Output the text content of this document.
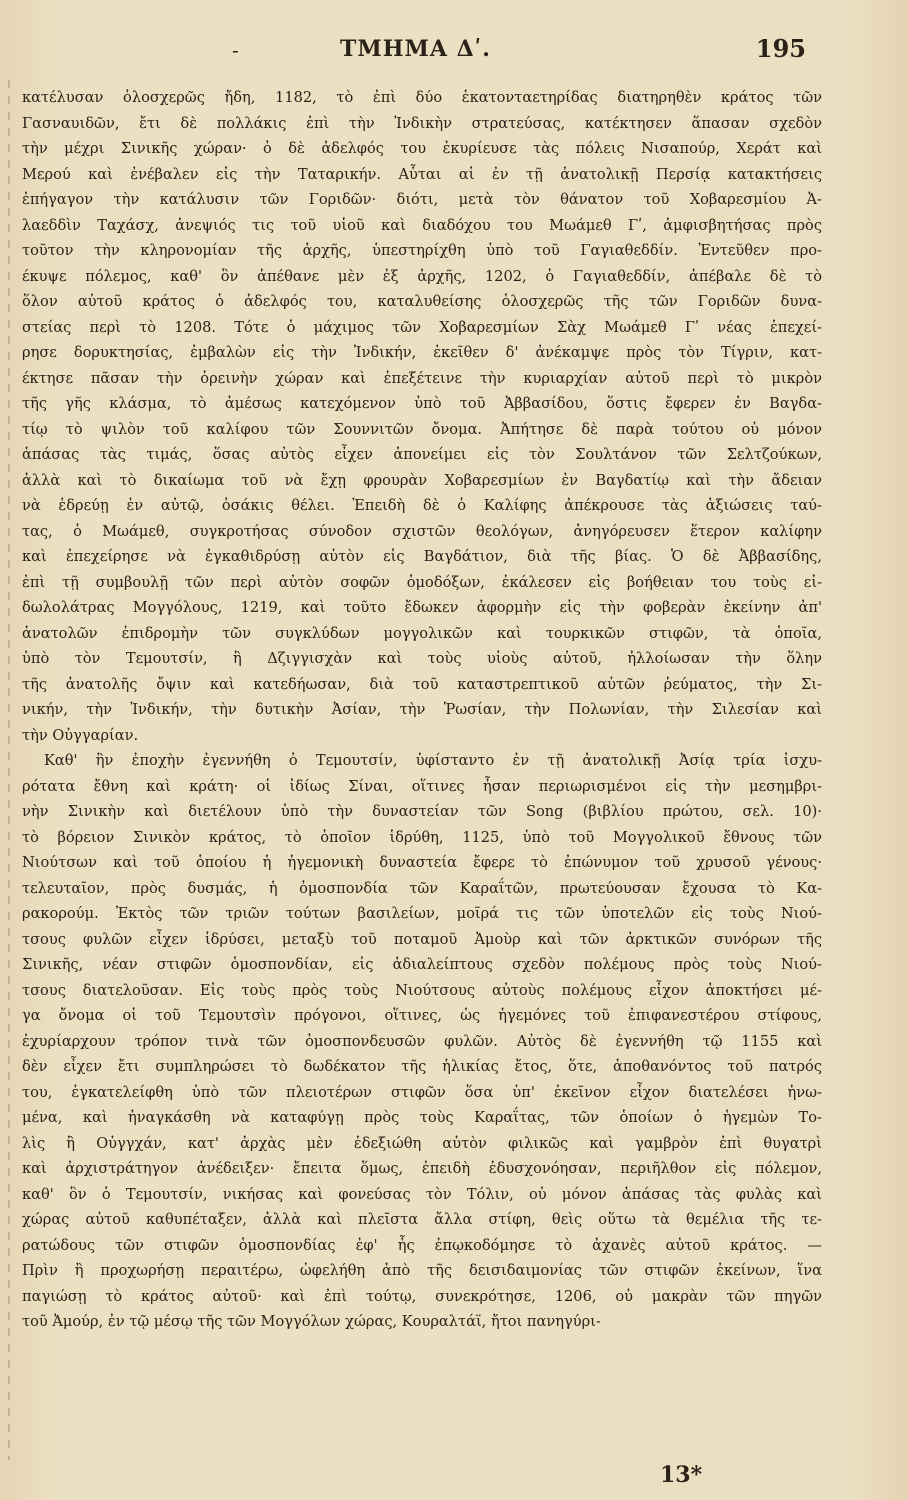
-	ΤΜΗΜΑ Δʹ.	195
κατέλυσαν ὁλοσχερῶς ἤδη, 1182, τὸ ἐπὶ δύο ἑκατονταετηρίδας διατηρηθὲν κράτος τῶν
Γασναυιδῶν, ἔτι δὲ πολλάκις ἐπὶ τὴν Ἰνδικὴν στρατεύσας, κατέκτησεν ἅπασαν σχεδὸν
τὴν μέχρι Σινικῆς χώραν· ὁ δὲ ἀδελφός του ἐκυρίευσε τὰς πόλεις Νισαπούρ, Χεράτ καὶ
Μερού καὶ ἐνέβαλεν εἰς τὴν Ταταρικήν. Αὗται αἱ ἐν τῇ ἀνατολικῇ Περσίᾳ κατακτήσεις
ἐπήγαγον τὴν κατάλυσιν τῶν Γοριδῶν· διότι, μετὰ τὸν θάνατον τοῦ Χοβαρεσμίου Ἀ-
λαεδδὶν Ταχάσχ, ἀνεψιός τις τοῦ υἱοῦ καὶ διαδόχου του Μωάμεθ Γʹ, ἀμφισβητήσας πρὸς
τοῦτον τὴν κληρονομίαν τῆς ἀρχῆς, ὑπεστηρίχθη ὑπὸ τοῦ Γαγιαθεδδίν. Ἐντεῦθεν προ-
έκυψε πόλεμος, καθ' ὃν ἀπέθανε μὲν ἐξ ἀρχῆς, 1202, ὁ Γαγιαθεδδίν, ἀπέβαλε δὲ τὸ
ὅλον αὐτοῦ κράτος ὁ ἀδελφός του, καταλυθείσης ὁλοσχερῶς τῆς τῶν Γοριδῶν δυνα-
στείας περὶ τὸ 1208. Τότε ὁ μάχιμος τῶν Χοβαρεσμίων Σὰχ Μωάμεθ Γʹ νέας ἐπεχεί-
ρησε δορυκτησίας, ἐμβαλὼν εἰς τὴν Ἰνδικήν, ἐκεῖθεν δ' ἀνέκαμψε πρὸς τὸν Τίγριν, κατ-
έκτησε πᾶσαν τὴν ὀρεινὴν χώραν καὶ ἐπεξέτεινε τὴν κυριαρχίαν αὐτοῦ περὶ τὸ μικρὸν
τῆς γῆς κλάσμα, τὸ ἀμέσως κατεχόμενον ὑπὸ τοῦ Ἀββασίδου, ὅστις ἔφερεν ἐν Βαγδα-
τίῳ τὸ ψιλὸν τοῦ καλίφου τῶν Σουννιτῶν ὄνομα. Ἀπήτησε δὲ παρὰ τούτου οὐ μόνον
ἁπάσας τὰς τιμάς, ὅσας αὐτὸς εἶχεν ἀπονείμει εἰς τὸν Σουλτάνον τῶν Σελτζούκων,
ἀλλὰ καὶ τὸ δικαίωμα τοῦ νὰ ἔχῃ φρουρὰν Χοβαρεσμίων ἐν Βαγδατίῳ καὶ τὴν ἄδειαν
νὰ ἑδρεύῃ ἐν αὐτῷ, ὁσάκις θέλει. Ἐπειδὴ δὲ ὁ Καλίφης ἀπέκρουσε τὰς ἀξιώσεις ταύ-
τας, ὁ Μωάμεθ, συγκροτήσας σύνοδον σχιστῶν θεολόγων, ἀνηγόρευσεν ἕτερον καλίφην
καὶ ἐπεχείρησε νὰ ἐγκαθιδρύσῃ αὐτὸν εἰς Βαγδάτιον, διὰ τῆς βίας. Ὁ δὲ Ἀββασίδης,
ἐπὶ τῇ συμβουλῇ τῶν περὶ αὐτὸν σοφῶν ὁμοδόξων, ἐκάλεσεν εἰς βοήθειαν του τοὺς εἰ-
δωλολάτρας Μογγόλους, 1219, καὶ τοῦτο ἔδωκεν ἀφορμὴν εἰς τὴν φοβερὰν ἐκείνην ἀπ'
ἀνατολῶν ἐπιδρομὴν τῶν συγκλύδων μογγολικῶν καὶ τουρκικῶν στιφῶν, τὰ ὁποῖα,
ὑπὸ τὸν Τεμουτσίν, ἢ Δζιγγισχὰν καὶ τοὺς υἱοὺς αὐτοῦ, ἠλλοίωσαν τὴν ὅλην
τῆς ἀνατολῆς ὄψιν καὶ κατεδήωσαν, διὰ τοῦ καταστρεπτικοῦ αὐτῶν ῥεύματος, τὴν Σι-
νικήν, τὴν Ἰνδικήν, τὴν δυτικὴν Ἀσίαν, τὴν Ῥωσίαν, τὴν Πολωνίαν, τὴν Σιλεσίαν καὶ
τὴν Οὐγγαρίαν.
Καθ' ἣν ἐποχὴν ἐγεννήθη ὁ Τεμουτσίν, ὑφίσταντο ἐν τῇ ἀνατολικῇ Ἀσίᾳ τρία ἰσχυ-
ρότατα ἔθνη καὶ κράτη· οἱ ἰδίως Σίναι, οἵτινες ἦσαν περιωρισμένοι εἰς τὴν μεσημβρι-
νὴν Σινικὴν καὶ διετέλουν ὑπὸ τὴν δυναστείαν τῶν Song (βιβλίου πρώτου, σελ. 10)·
τὸ βόρειον Σινικὸν κράτος, τὸ ὁποῖον ἱδρύθη, 1125, ὑπὸ τοῦ Μογγολικοῦ ἔθνους τῶν
Νιούτσων καὶ τοῦ ὁποίου ἡ ἡγεμονικὴ δυναστεία ἔφερε τὸ ἐπώνυμον τοῦ χρυσοῦ γένους·
τελευταῖον, πρὸς δυσμάς, ἡ ὁμοσπονδία τῶν Καραΐτῶν, πρωτεύουσαν ἔχουσα τὸ Κα-
ρακορούμ. Ἐκτὸς τῶν τριῶν τούτων βασιλείων, μοῖρά τις τῶν ὑποτελῶν εἰς τοὺς Νιού-
τσους φυλῶν εἶχεν ἱδρύσει, μεταξὺ τοῦ ποταμοῦ Ἀμοὺρ καὶ τῶν ἀρκτικῶν συνόρων τῆς
Σινικῆς, νέαν στιφῶν ὁμοσπονδίαν, εἰς ἀδιαλείπτους σχεδὸν πολέμους πρὸς τοὺς Νιού-
τσους διατελοῦσαν. Εἰς τοὺς πρὸς τοὺς Νιούτσους αὐτοὺς πολέμους εἶχον ἀποκτήσει μέ-
γα ὄνομα οἱ τοῦ Τεμουτσὶν πρόγονοι, οἵτινες, ὡς ἡγεμόνες τοῦ ἐπιφανεστέρου στίφους,
ἐχυρίαρχουν τρόπον τινὰ τῶν ὁμοσπονδευσῶν φυλῶν. Αὐτὸς δὲ ἐγεννήθη τῷ 1155 καὶ
δὲν εἶχεν ἔτι συμπληρώσει τὸ δωδέκατον τῆς ἡλικίας ἔτος, ὅτε, ἀποθανόντος τοῦ πατρός
του, ἐγκατελείφθη ὑπὸ τῶν πλειοτέρων στιφῶν ὅσα ὑπ' ἐκεῖνον εἶχον διατελέσει ἡνω-
μένα, καὶ ἠναγκάσθη νὰ καταφύγῃ πρὸς τοὺς Καραΐτας, τῶν ὁποίων ὁ ἡγεμὼν Το-
λὶς ἢ Οὐγγχάν, κατ' ἀρχὰς μὲν ἐδεξιώθη αὐτὸν φιλικῶς καὶ γαμβρὸν ἐπὶ θυγατρὶ
καὶ ἀρχιστράτηγον ἀνέδειξεν· ἔπειτα ὅμως, ἐπειδὴ ἐδυσχονόησαν, περιῆλθον εἰς πόλεμον,
καθ' ὃν ὁ Τεμουτσίν, νικήσας καὶ φονεύσας τὸν Τόλιν, οὐ μόνον ἁπάσας τὰς φυλὰς καὶ
χώρας αὐτοῦ καθυπέταξεν, ἀλλὰ καὶ πλεῖστα ἄλλα στίφη, θεὶς οὕτω τὰ θεμέλια τῆς τε-
ρατώδους τῶν στιφῶν ὁμοσπονδίας ἐφ' ἧς ἐπῳκοδόμησε τὸ ἀχανὲς αὐτοῦ κράτος. —
Πρὶν ἢ προχωρήσῃ περαιτέρω, ὠφελήθη ἀπὸ τῆς δεισιδαιμονίας τῶν στιφῶν ἐκείνων, ἵνα
παγιώσῃ τὸ κράτος αὐτοῦ· καὶ ἐπὶ τούτῳ, συνεκρότησε, 1206, οὐ μακρὰν τῶν πηγῶν
τοῦ Ἀμούρ, ἐν τῷ μέσῳ τῆς τῶν Μογγόλων χώρας, Κουραλτάϊ, ἤτοι πανηγύρι-
13*
